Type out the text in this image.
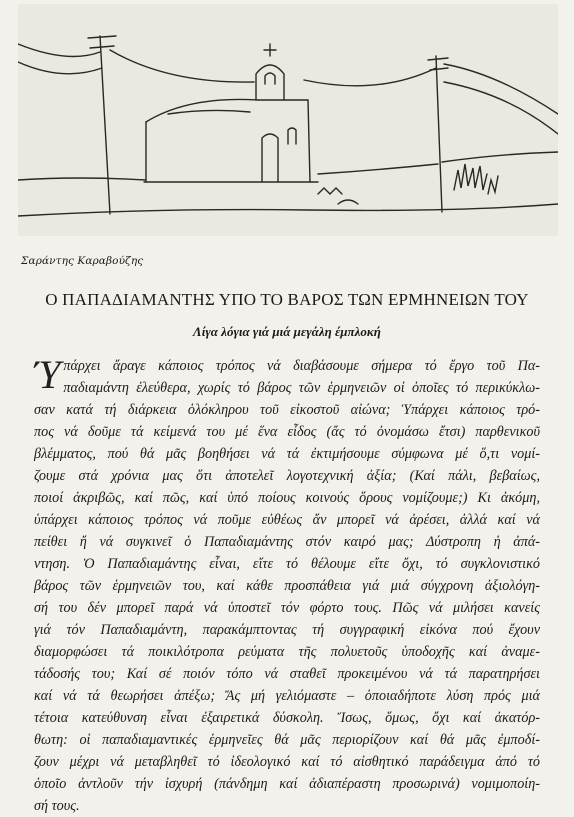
Σαράντης Καραβούζης
Ο ΠΑΠΑΔΙΑΜΑΝΤΗΣ ΥΠΟ ΤΟ ΒΑΡΟΣ ΤΩΝ ΕΡΜΗΝΕΙΩΝ ΤΟΥ
Λίγα λόγια γιά μιά μεγάλη έμπλοκή
Ύ πάρχει ἄραγε κάποιος τρόπος νά διαβάσουμε σήμερα τό ἔργο τοῦ Πα-
παδιαμάντη ἐλεύθερα, χωρίς τό βάρος τῶν ἑρμηνειῶν οἱ ὁποῖες τό περικύκλω-
σαν κατά τή διάρκεια ὁλόκληρου τοῦ εἰκοστοῦ αἰώνα; Ὑπάρχει κάποιος τρό-
πος νά δοῦμε τά κείμενά του μέ ἕνα εἶδος (ἄς τό ὀνομάσω ἔτσι) παρθενικοῦ
βλέμματος, πού θά μᾶς βοηθήσει νά τά ἐκτιμήσουμε σύμφωνα μέ ὅ,τι νομί-
ζουμε στά χρόνια μας ὅτι ἀποτελεῖ λογοτεχνική ἀξία; (Καί πάλι, βεβαίως,
ποιοί ἀκριβῶς, καί πῶς, καί ὑπό ποίους κοινούς ὅρους νομίζουμε;) Κι ἀκόμη,
ὑπάρχει κάποιος τρόπος νά ποῦμε εὐθέως ἄν μπορεῖ νά ἀρέσει, ἀλλά καί νά
πείθει ἤ νά συγκινεῖ ὁ Παπαδιαμάντης στόν καιρό μας; Δύστροπη ἡ ἀπά-
ντηση. Ὁ Παπαδιαμάντης εἶναι, εἴτε τό θέλουμε εἴτε ὄχι, τό συγκλονιστικό
βάρος τῶν ἑρμηνειῶν του, καί κάθε προσπάθεια γιά μιά σύγχρονη ἀξιολόγη-
σή του δέν μπορεῖ παρά νά ὑποστεῖ τόν φόρτο τους. Πῶς νά μιλήσει κανείς
γιά τόν Παπαδιαμάντη, παρακάμπτοντας τή συγγραφική εἰκόνα πού ἔχουν
διαμορφώσει τά ποικιλότροπα ρεύματα τῆς πολυετοῦς ὑποδοχῆς καί ἀναμε-
τάδοσής του; Καί σέ ποιόν τόπο νά σταθεῖ προκειμένου νά τά παρατηρήσει
καί νά τά θεωρήσει ἀπέξω; Ἄς μή γελιόμαστε – ὁποιαδήποτε λύση πρός μιά
τέτοια κατεύθυνση εἶναι ἐξαιρετικά δύσκολη. Ἴσως, ὅμως, ὄχι καί ἀκατόρ-
θωτη: οἱ παπαδιαμαντικές ἑρμηνεῖες θά μᾶς περιορίζουν καί θά μᾶς ἐμποδί-
ζουν μέχρι νά μεταβληθεῖ τό ἰδεολογικό καί τό αἰσθητικό παράδειγμα ἀπό τό
ὁποῖο ἀντλοῦν τήν ἰσχυρή (πάνδημη καί ἀδιαπέραστη προσωρινά) νομιμοποίη-
σή τους.
